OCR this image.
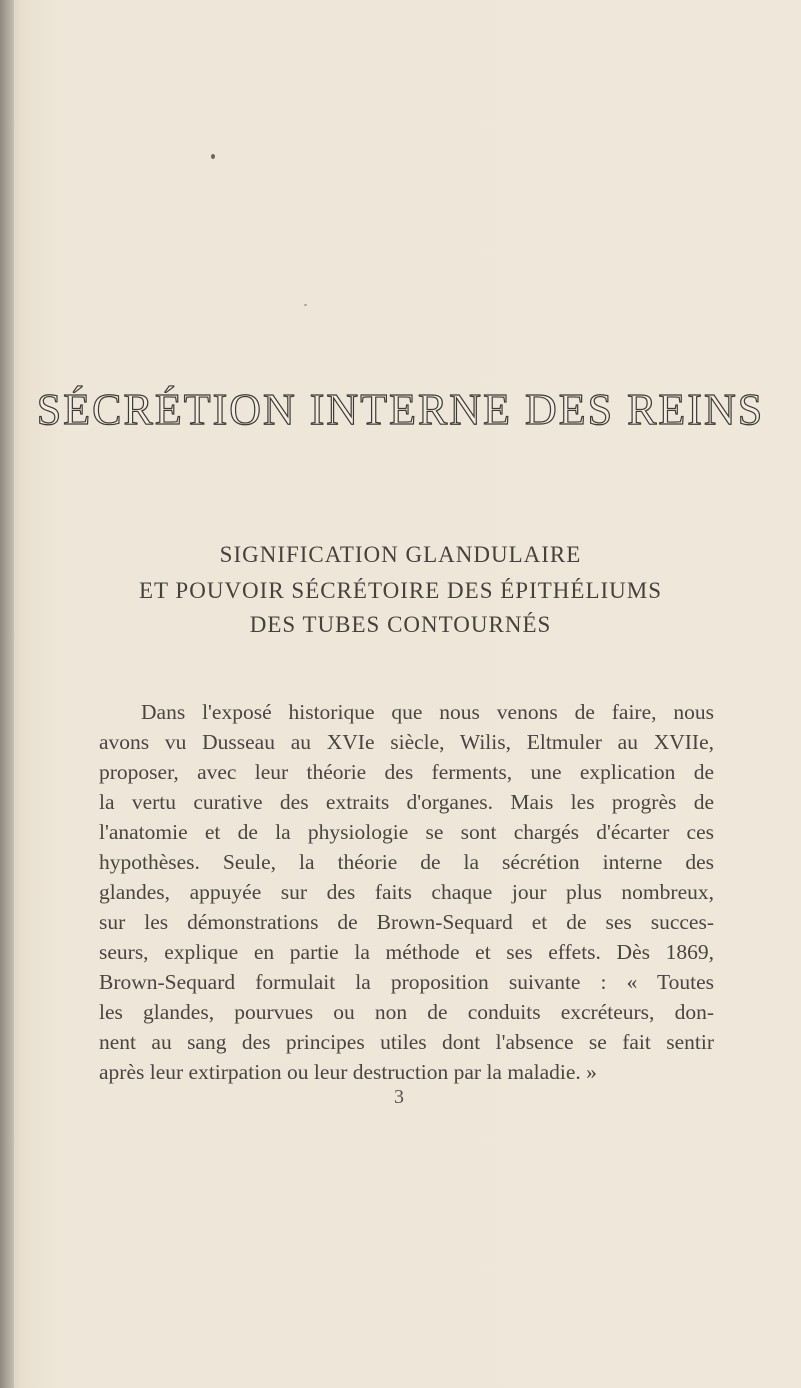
SÉCRÉTION INTERNE DES REINS
SIGNIFICATION GLANDULAIRE
ET POUVOIR SÉCRÉTOIRE DES ÉPITHÉLIUMS
DES TUBES CONTOURNÉS
Dans l'exposé historique que nous venons de faire, nous
avons vu Dusseau au XVIe siècle, Wilis, Eltmuler au XVIIe,
proposer, avec leur théorie des ferments, une explication de
la vertu curative des extraits d'organes. Mais les progrès de
l'anatomie et de la physiologie se sont chargés d'écarter ces
hypothèses. Seule, la théorie de la sécrétion interne des
glandes, appuyée sur des faits chaque jour plus nombreux,
sur les démonstrations de Brown-Sequard et de ses succes-
seurs, explique en partie la méthode et ses effets. Dès 1869,
Brown-Sequard formulait la proposition suivante : « Toutes
les glandes, pourvues ou non de conduits excréteurs, don-
nent au sang des principes utiles dont l'absence se fait sentir
après leur extirpation ou leur destruction par la maladie. »
3
